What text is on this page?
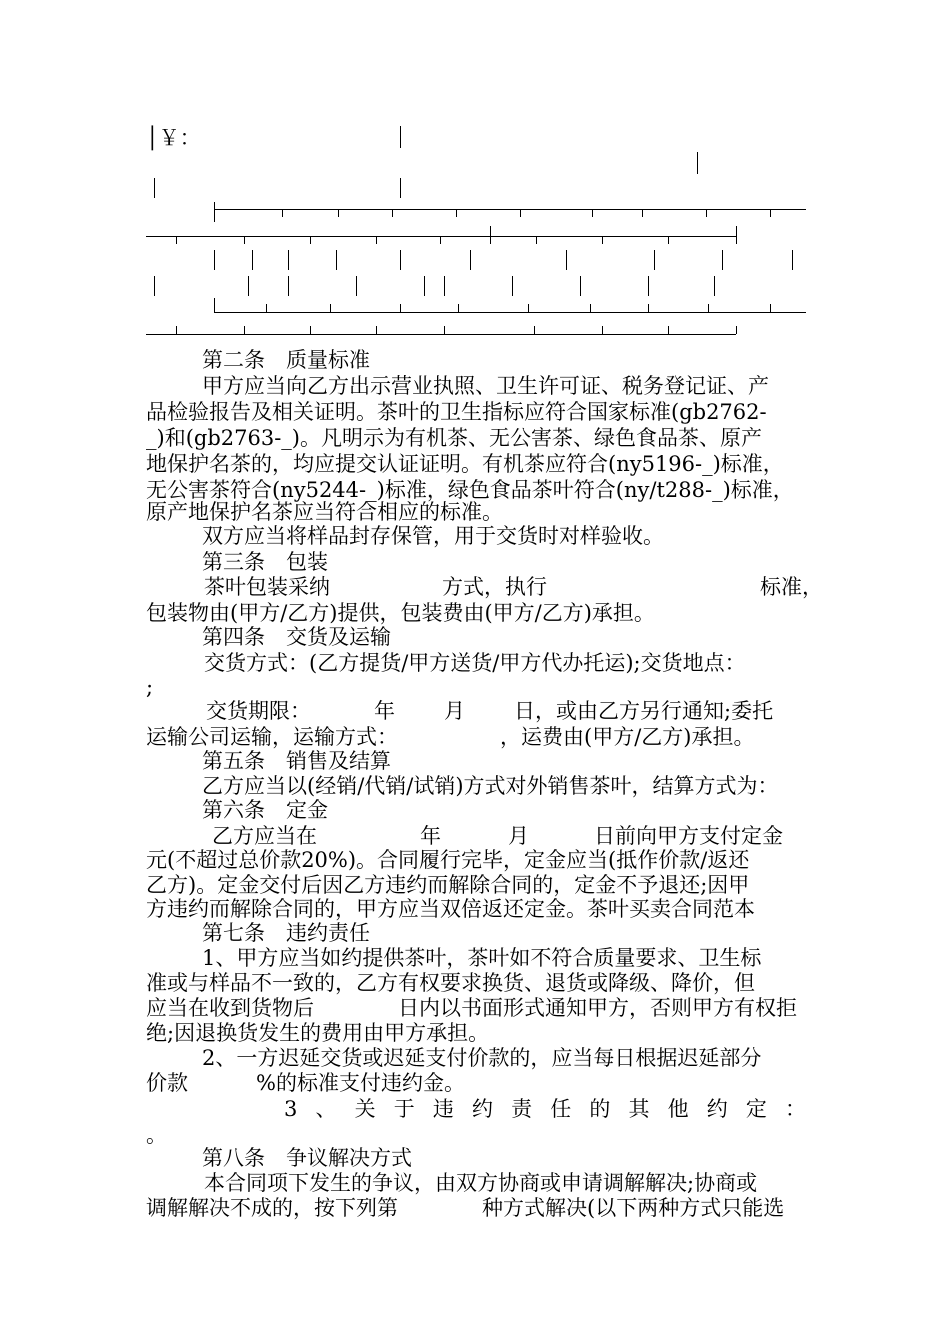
│￥：
第二条　质量标准
甲方应当向乙方出示营业执照、卫生许可证、税务登记证、产
品检验报告及相关证明。茶叶的卫生指标应符合国家标准(gb2762-
_)和(gb2763-_)。凡明示为有机茶、无公害茶、绿色食品茶、原产
地保护名茶的，均应提交认证证明。有机茶应符合(ny5196-_)标准，
无公害茶符合(ny5244-_)标准，绿色食品茶叶符合(ny/t288-_)标准，
原产地保护名茶应当符合相应的标准。
双方应当将样品封存保管，用于交货时对样验收。
第三条　包装
茶叶包装采纳	方式，执行	标准，
包装物由(甲方/乙方)提供，包装费由(甲方/乙方)承担。
第四条　交货及运输
交货方式：(乙方提货/甲方送货/甲方代办托运);交货地点：
;
交货期限：	年 月 日，或由乙方另行通知;委托
运输公司运输，运输方式：	，运费由(甲方/乙方)承担。
第五条　销售及结算
乙方应当以(经销/代销/试销)方式对外销售茶叶，结算方式为：
第六条　定金
乙方应当在	年	月	日前向甲方支付定金
元(不超过总价款20%)。合同履行完毕，定金应当(抵作价款/返还
乙方)。定金交付后因乙方违约而解除合同的，定金不予退还;因甲
方违约而解除合同的，甲方应当双倍返还定金。茶叶买卖合同范本
第七条　违约责任
1、甲方应当如约提供茶叶，茶叶如不符合质量要求、卫生标
准或与样品不一致的，乙方有权要求换货、退货或降级、降价，但
应当在收到货物后	日内以书面形式通知甲方，否则甲方有权拒
绝;因退换货发生的费用由甲方承担。
2、一方迟延交货或迟延支付价款的，应当每日根据迟延部分
价款	%的标准支付违约金。
3 、 关 于 违 约 责 任 的 其 他 约 定 ：
。
第八条　争议解决方式
本合同项下发生的争议，由双方协商或申请调解解决;协商或
调解解决不成的，按下列第	种方式解决(以下两种方式只能选
